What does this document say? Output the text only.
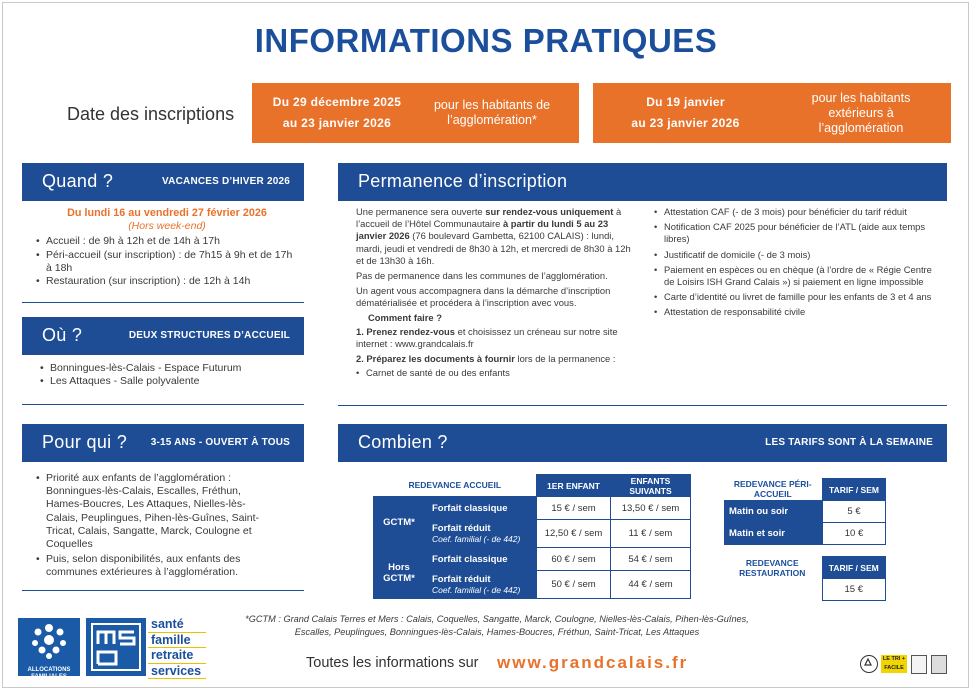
INFORMATIONS PRATIQUES
Date des inscriptions
Du 29 décembre 2025
au 23 janvier 2026
pour les habitants de l’agglomération*
Du 19 janvier
au 23 janvier 2026
pour les habitants extérieurs à l’agglomération
Quand ?	VACANCES D’HIVER 2026
Du lundi 16 au vendredi 27 février 2026
(Hors week-end)
• Accueil : de 9h à 12h et de 14h à 17h
• Péri-accueil (sur inscription) : de 7h15 à 9h et de 17h à 18h
• Restauration (sur inscription) : de 12h à 14h
Où ?	DEUX STRUCTURES D’ACCUEIL
• Bonningues-lès-Calais - Espace Futurum
• Les Attaques - Salle polyvalente
Pour qui ? 3-15 ANS - OUVERT À TOUS
• Priorité aux enfants de l’agglomération : Bonningues-lès-Calais, Escalles, Fréthun, Hames-Boucres, Les Attaques, Nielles-lès-Calais, Peuplingues, Pihen-lès-Guînes, Saint-Tricat, Calais, Sangatte, Marck, Coulogne et Coquelles
• Puis, selon disponibilités, aux enfants des communes extérieures à l’agglomération.
Permanence d’inscription

Une permanence sera ouverte sur rendez-vous uniquement à l’accueil de l’Hôtel Communautaire à partir du lundi 5 au 23 janvier 2026 (76 boulevard Gambetta, 62100 CALAIS) : lundi, mardi, jeudi et vendredi de 8h30 à 12h, et mercredi de 8h30 à 12h et de 13h30 à 16h.

Pas de permanence dans les communes de l’agglomération.

Un agent vous accompagnera dans la démarche d’inscription dématérialisée et procédera à l’inscription avec vous.

Comment faire ?

1. Prenez rendez-vous et choisissez un créneau sur notre site internet : www.grandcalais.fr

2. Préparez les documents à fournir lors de la permanence :

• Carnet de santé de ou des enfants
• Attestation CAF (- de 3 mois) pour bénéficier du tarif réduit
• Notification CAF 2025 pour bénéficier de l’ATL (aide aux temps libres)
• Justificatif de domicile (- de 3 mois)
• Paiement en espèces ou en chèque (à l’ordre de « Régie Centre de Loisirs ISH Grand Calais ») si paiement en ligne impossible
• Carte d’identité ou livret de famille pour les enfants de 3 et 4 ans
• Attestation de responsabilité civile
Combien ?	LES TARIFS SONT À LA SEMAINE
REDEVANCE ACCUEIL		1ER ENFANT	ENFANTS SUIVANTS
GCTM*	Forfait classique	15 € / sem	13,50 € / sem

	Forfait réduit
Coef. familial (- de 442)	12,50 € / sem	11 € / sem
Hors GCTM*	Forfait classique	60 € / sem	54 € / sem

	Forfait réduit
Coef. familial (- de 442)	50 € / sem	44 € / sem
REDEVANCE PÉRI-ACCUEIL	TARIF / SEM
Matin ou soir	5 €
Matin et soir	10 €
REDEVANCE RESTAURATION	TARIF / SEM
	15 €
*GCTM : Grand Calais Terres et Mers : Calais, Coquelles, Sangatte, Marck, Coulogne, Nielles-lès-Calais, Pihen-lès-Guînes, Escalles, Peuplingues, Bonningues-lès-Calais, Hames-Boucres, Fréthun, Saint-Tricat, Les Attaques
Toutes les informations sur www.grandcalais.fr
ALLOCATIONS FAMILIALES
santé
famille
retraite
services
LE TRI + FACILE
